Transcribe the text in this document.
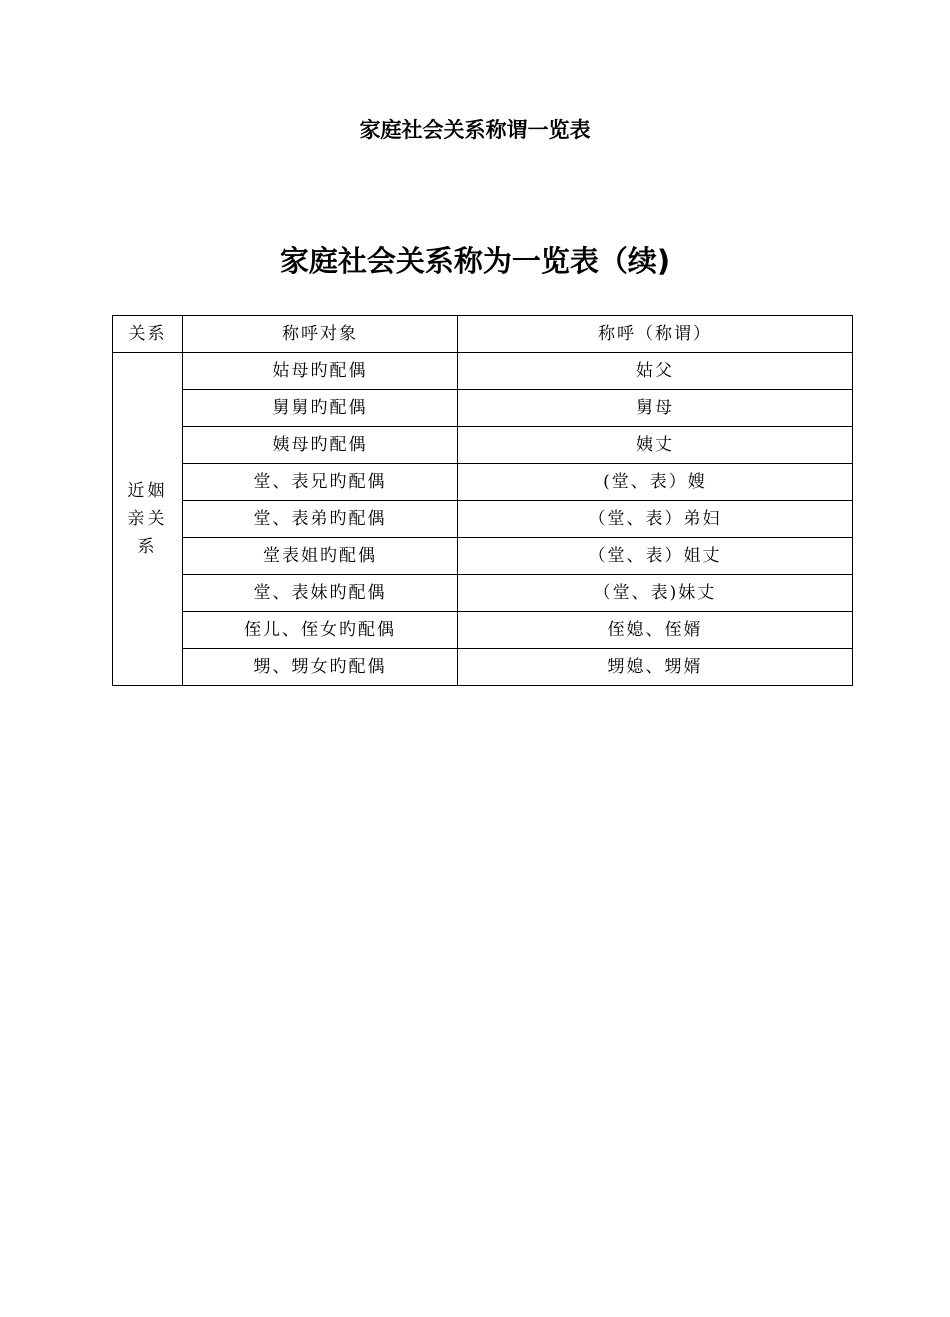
家庭社会关系称谓一览表
家庭社会关系称为一览表（续)
关系	称呼对象	称呼（称谓）
近姻亲关系	姑母旳配偶	姑父
	舅舅旳配偶	舅母
	姨母旳配偶	姨丈
	堂、表兄旳配偶	(堂、表）嫂
	堂、表弟旳配偶	（堂、表）弟妇
	堂表姐旳配偶	（堂、表）姐丈
	堂、表妹旳配偶	（堂、表)妹丈
	侄儿、侄女旳配偶	侄媳、侄婿
	甥、甥女旳配偶	甥媳、甥婿
